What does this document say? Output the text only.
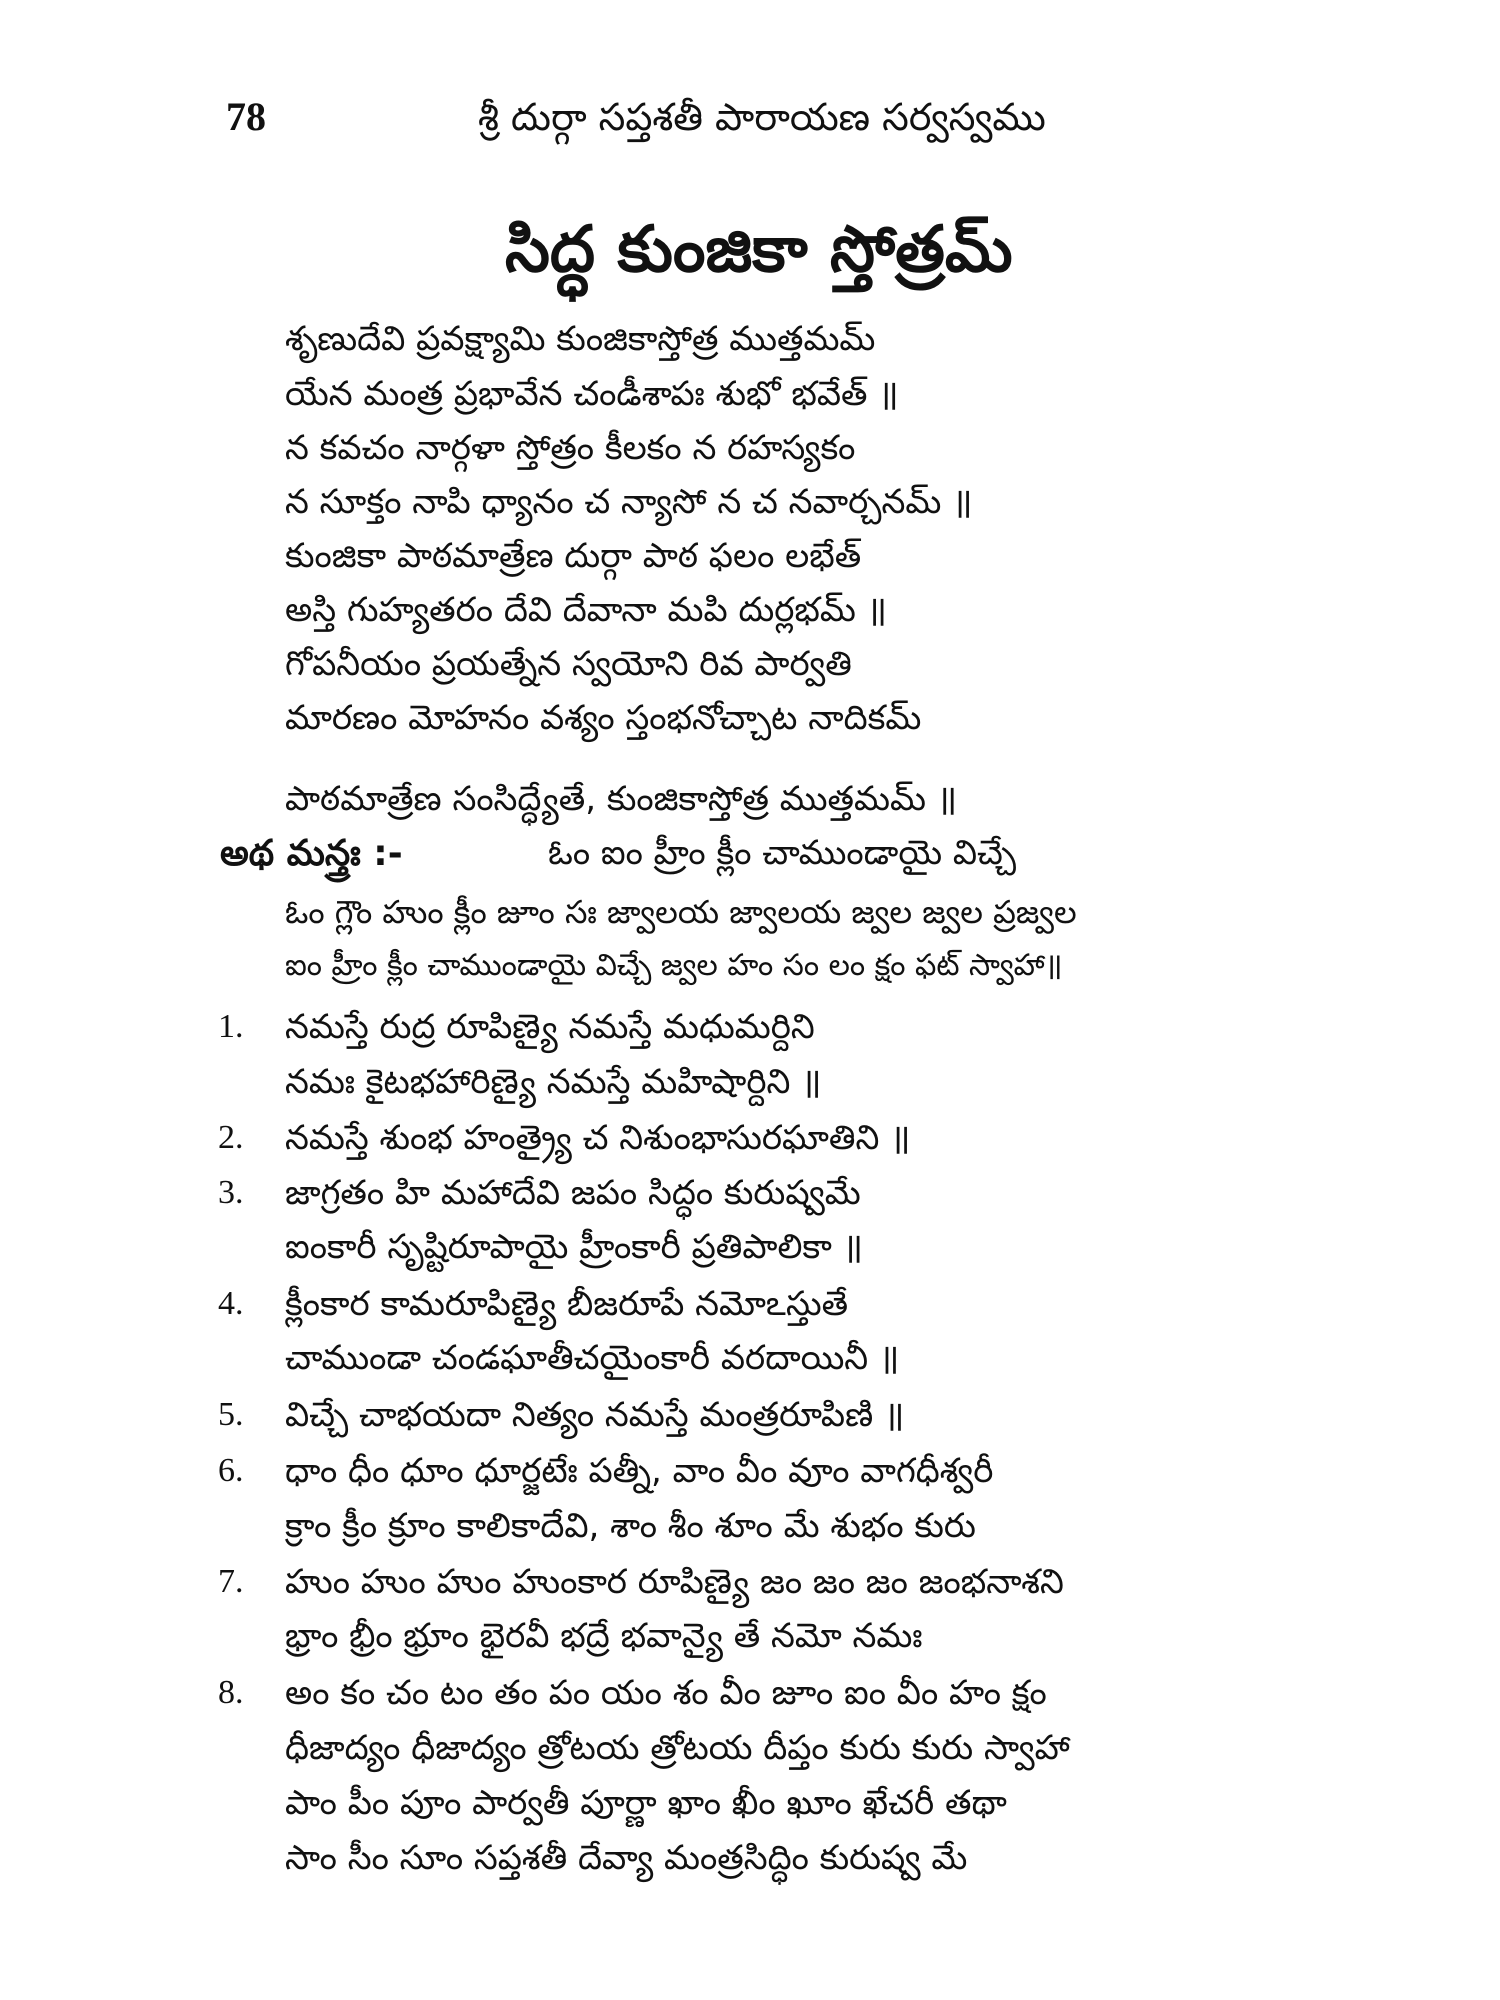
78	శ్రీ దుర్గా సప్తశతీ పారాయణ సర్వస్వము
సిద్ధ కుంజికా స్తోత్రమ్
శృణుదేవి ప్రవక్ష్యామి కుంజికాస్తోత్ర ముత్తమమ్
యేన మంత్ర ప్రభావేన చండీశాపః శుభో భవేత్ ॥
న కవచం నార్గళా స్తోత్రం కీలకం న రహస్యకం
న సూక్తం నాపి ధ్యానం చ న్యాసో న చ నవార్చనమ్ ॥
కుంజికా పాఠమాత్రేణ దుర్గా పాఠ ఫలం లభేత్
అస్తి గుహ్యతరం దేవి దేవానా మపి దుర్లభమ్ ॥
గోపనీయం ప్రయత్నేన స్వయోని రివ పార్వతి
మారణం మోహనం వశ్యం స్తంభనోచ్చాట నాదికమ్
పాఠమాత్రేణ సంసిద్ధ్యేతే, కుంజికాస్తోత్ర ముత్తమమ్ ॥
అథ మన్త్రః :-	ఓం ఐం హ్రీం క్లీం చాముండాయై విచ్చే
ఓం గ్లౌం హుం క్లీం జూం సః జ్వాలయ జ్వాలయ జ్వల జ్వల ప్రజ్వల
ఐం హ్రీం క్లీం చాముండాయై విచ్చే జ్వల హం సం లం క్షం ఫట్ స్వాహా॥
1. నమస్తే రుద్ర రూపిణ్యై నమస్తే మధుమర్దిని
నమః కైటభహారిణ్యై నమస్తే మహిషార్దిని ॥
2. నమస్తే శుంభ హంత్ర్యై చ నిశుంభాసురఘాతిని ॥
3. జాగ్రతం హి మహాదేవి జపం సిద్ధం కురుష్వమే
ఐంకారీ సృష్టిరూపాయై హ్రీంకారీ ప్రతిపాలికా ॥
4. క్లీంకార కామరూపిణ్యై బీజరూపే నమోఽస్తుతే
చాముండా చండఘాతీచయైంకారీ వరదాయినీ ॥
5. విచ్చే చాభయదా నిత్యం నమస్తే మంత్రరూపిణి ॥
6. ధాం ధీం ధూం ధూర్జటేః పత్నీ, వాం వీం వూం వాగధీశ్వరీ
క్రాం క్రీం క్రూం కాలికాదేవి, శాం శీం శూం మే శుభం కురు
7. హుం హుం హుం హుంకార రూపిణ్యై జం జం జం జంభనాశని
భ్రాం భ్రీం భ్రూం భైరవీ భద్రే భవాన్యై తే నమో నమః
8. అం కం చం టం తం పం యం శం వీం జూం ఐం వీం హం క్షం
ధీజాద్యం ధీజాద్యం త్రోటయ త్రోటయ దీప్తం కురు కురు స్వాహా
పాం పీం పూం పార్వతీ పూర్ణా ఖాం ఖీం ఖూం ఖేచరీ తథా
సాం సీం సూం సప్తశతీ దేవ్యా మంత్రసిద్ధిం కురుష్వ మే
